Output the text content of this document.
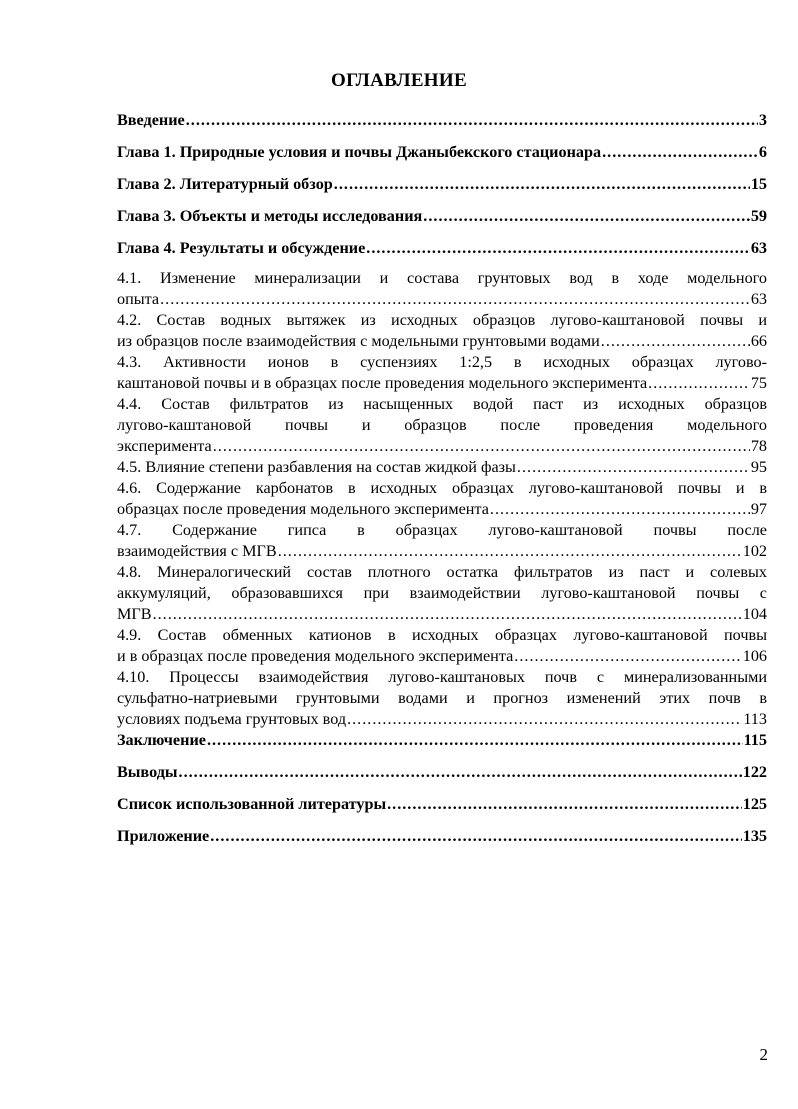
ОГЛАВЛЕНИЕ
Введение .....	3
Глава 1. Природные условия и почвы Джаныбекского стационара .....	6
Глава 2. Литературный обзор .....	15
Глава 3. Объекты и методы исследования .....	59
Глава 4. Результаты и обсуждение .....	63
4.1. Изменение минерализации и состава грунтовых вод в ходе модельного
опыта .....	63
4.2. Состав водных вытяжек из исходных образцов лугово-каштановой почвы и
из образцов после взаимодействия с модельными грунтовыми водами .....	66
4.3. Активности ионов в суспензиях 1:2,5 в исходных образцах лугово-
каштановой почвы и в образцах после проведения модельного эксперимента .....	75
4.4. Состав фильтратов из насыщенных водой паст из исходных образцов
лугово-каштановой почвы и образцов после проведения модельного
эксперимента .....	78
4.5. Влияние степени разбавления на состав жидкой фазы .....	95
4.6. Содержание карбонатов в исходных образцах лугово-каштановой почвы и в
образцах после проведения модельного эксперимента .....	97
4.7. Содержание гипса в образцах лугово-каштановой почвы после
взаимодействия с МГВ .....	102
4.8. Минералогический состав плотного остатка фильтратов из паст и солевых
аккумуляций, образовавшихся при взаимодействии лугово-каштановой почвы с
МГВ .....	104
4.9. Состав обменных катионов в исходных образцах лугово-каштановой почвы
и в образцах после проведения модельного эксперимента .....	106
4.10. Процессы взаимодействия лугово-каштановых почв с минерализованными
сульфатно-натриевыми грунтовыми водами и прогноз изменений этих почв в
условиях подъема грунтовых вод .....	113
Заключение .....	115
Выводы .....	122
Список использованной литературы .....	125
Приложение .....	135
2
